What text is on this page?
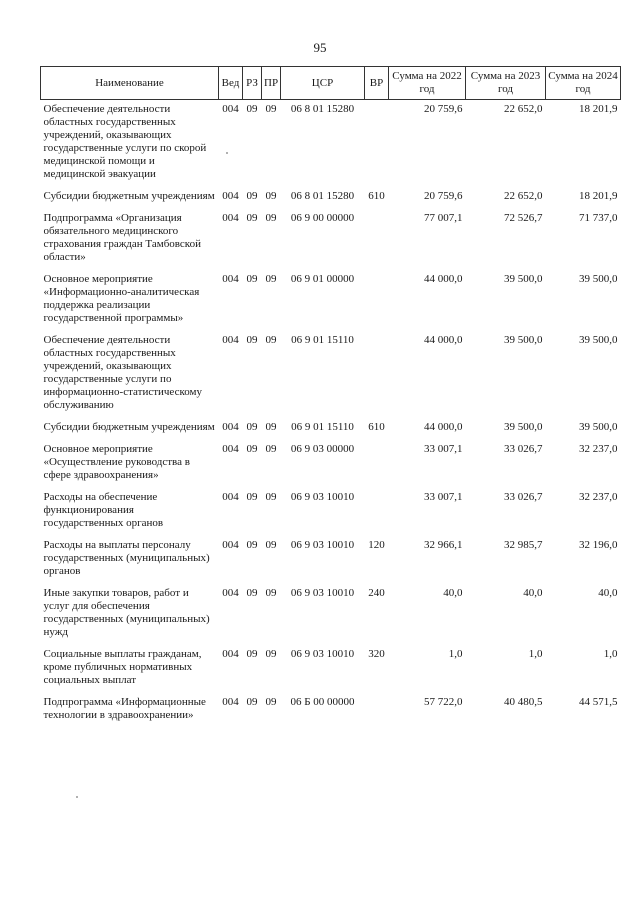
95
Наименование	Вед	РЗ	ПР	ЦСР	ВР	Сумма на 2022 год	Сумма на 2023 год	Сумма на 2024 год
Обеспечение деятельности областных государственных учреждений, оказывающих государственные услуги по скорой медицинской помощи и медицинской эвакуации	004	09	09	06 8 01 15280		20 759,6	22 652,0	18 201,9
Субсидии бюджетным учреждениям	004	09	09	06 8 01 15280	610	20 759,6	22 652,0	18 201,9
Подпрограмма «Организация обязательного медицинского страхования граждан Тамбовской области»	004	09	09	06 9 00 00000		77 007,1	72 526,7	71 737,0
Основное мероприятие «Информационно-аналитическая поддержка реализации государственной программы»	004	09	09	06 9 01 00000		44 000,0	39 500,0	39 500,0
Обеспечение деятельности областных государственных учреждений, оказывающих государственные услуги по информационно-статистическому обслуживанию	004	09	09	06 9 01 15110		44 000,0	39 500,0	39 500,0
Субсидии бюджетным учреждениям	004	09	09	06 9 01 15110	610	44 000,0	39 500,0	39 500,0
Основное мероприятие «Осуществление руководства в сфере здравоохранения»	004	09	09	06 9 03 00000		33 007,1	33 026,7	32 237,0
Расходы на обеспечение функционирования государственных органов	004	09	09	06 9 03 10010		33 007,1	33 026,7	32 237,0
Расходы на выплаты персоналу государственных (муниципальных) органов	004	09	09	06 9 03 10010	120	32 966,1	32 985,7	32 196,0
Иные закупки товаров, работ и услуг для обеспечения государственных (муниципальных) нужд	004	09	09	06 9 03 10010	240	40,0	40,0	40,0
Социальные выплаты гражданам, кроме публичных нормативных социальных выплат	004	09	09	06 9 03 10010	320	1,0	1,0	1,0
Подпрограмма «Информационные технологии в здравоохранении»	004	09	09	06 Б 00 00000		57 722,0	40 480,5	44 571,5
